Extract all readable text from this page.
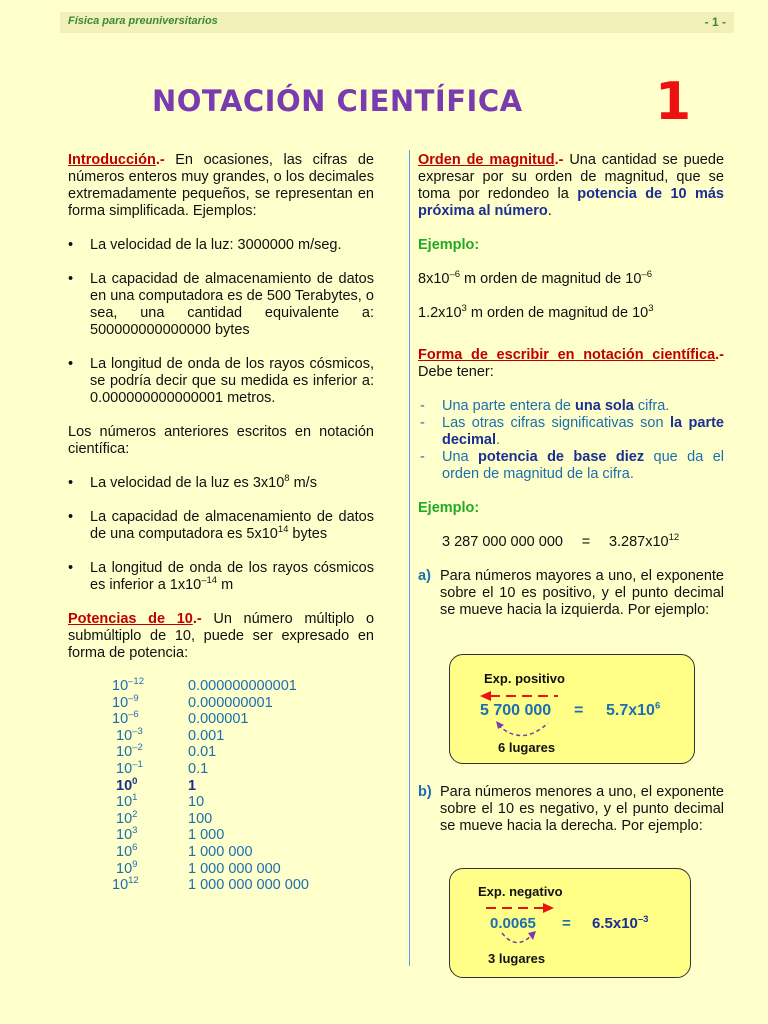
Física para preuniversitarios	- 1 -
NOTACIÓN CIENTÍFICA	1

Introducción.- En ocasiones, las cifras de números enteros muy grandes, o los decimales extremadamente pequeños, se representan en forma simplificada. Ejemplos:

• La velocidad de la luz: 3000000 m/seg.
• La capacidad de almacenamiento de datos en una computadora es de 500 Terabytes, o sea, una cantidad equivalente a: 500000000000000 bytes
• La longitud de onda de los rayos cósmicos, se podría decir que su medida es inferior a: 0.000000000000001 metros.

Los números anteriores escritos en notación científica:

• La velocidad de la luz es $3x10^8$ m/s
• La capacidad de almacenamiento de datos de una computadora es $5x10^{14}$ bytes
• La longitud de onda de los rayos cósmicos es inferior a $1x10^{-14}$ m

Potencias de 10.- Un número múltiplo o submúltiplo de 10, puede ser expresado en forma de potencia:

$10^{-12}$	0.000000000001
$10^{-9}$	0.000000001
$10^{-6}$	0.000001
$10^{-3}$	0.001
$10^{-2}$	0.01
$10^{-1}$	0.1
$10^0$	1
$10^1$	10
$10^2$	100
$10^3$	1 000
$10^6$	1 000 000
$10^9$	1 000 000 000
$10^{12}$	1 000 000 000 000

Orden de magnitud.- Una cantidad se puede expresar por su orden de magnitud, que se toma por redondeo la potencia de 10 más próxima al número.

Ejemplo:

$8x10^{-6}$ m orden de magnitud de $10^{-6}$

$1.2x10^3$ m orden de magnitud de $10^3$

Forma de escribir en notación científica.- Debe tener:

- Una parte entera de una sola cifra.
- Las otras cifras significativas son la parte decimal.
- Una potencia de base diez que da el orden de magnitud de la cifra.

Ejemplo:

3 287 000 000 $000 = 3.287x10^{12}$

a) Para números mayores a uno, el exponente sobre el 10 es positivo, y el punto decimal se mueve hacia la izquierda. Por ejemplo:
Exp. positivo
5 700 $000 = 5.7x10^6$
6 lugares
b) Para números menores a uno, el exponente sobre el 10 es negativo, y el punto decimal se mueve hacia la derecha. Por ejemplo:
Exp. negativo
$0.0065 = 6.5x10^{-3}$
3 lugares
